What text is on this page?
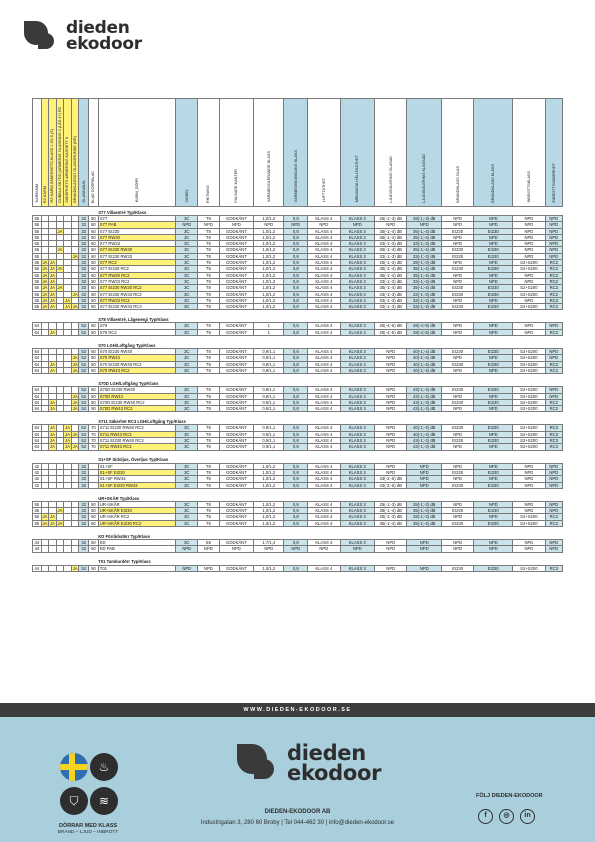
dieden
ekodoor
KARM MM	RZ KARM	RZ KARM SÄKERHETS-KLASS 1-SS 6 (S)	DUBBLA SKYDD (ARMERAT GLASNING 4 (LÅS 4+) RZ	SÄKERHETS ARMERING KASSETT 6	BRANDKLASSAT GLASGRUNNE (NR)	GLASKANAL	BLAD DORRBLAD	KARM_DÖRR	VINKEL	RIKTNING	FALSADE KANTER	VÄRMEISOLERANDE KLASS	VÄRMEGENOMGANG KLASS	LUFTTÄTHET	MEKANISK HÅLLFASTHET	LJUDISOLERING GLASAD	LJUDISOLERING KLASSAD	BRANDKLASS GLAS	BRANDKLASS KLASS	INBROTTSKLASS	INBROTTSSÄKERHET
								S77 Villaentré Typ/Klass													
55						32	50	S77	3C	T8	GODKÄNT	1,0/1,2	0,8	KLASS 4	KLASS 3	25(-1;-3) dB	28(-1;-3) dB	NPD	NPD	NPD	NPD
55						32	50	S77 PAB	NPD	NPD	NPD	NPD	NPD	NPD	NPD	NPD	NPD	NPD	NPD	NPD	NPD
55			JA			32	50	S77 EI230	3C	T8	GODKÄNT	1,0/1,2	0,8	KLASS 4	KLASS 3	35(-1;-4) dB	35(-1;-4) dB	EI230	EI230	NPD	NPD
55						32	50	S77 RW30	3C	T8	GODKÄNT	1,0/1,2	0,8	KLASS 4	KLASS 3	35(-1;-4) dB	35(-1;-4) dB	NPD	NPD	NPD	NPD
55						32	50	S77 RW33	3C	T8	GODKÄNT	1,0/1,2	0,8	KLASS 4	KLASS 3	33(-1;-3) dB	33(-1;-3) dB	NPD	NPD	NPD	NPD
55			JA			32	50	S77 EI230 RW30	3C	T8	GODKÄNT	1,0/1,2	0,8	KLASS 4	KLASS 3	35(-1;-4) dB	35(-1;-4) dB	EI230	EI230	NPD	NPD
55					JA	32	50	S77 EI230 RW33	3C	T8	GODKÄNT	1,0/1,2	0,8	KLASS 4	KLASS 3	33(-1;-3) dB	33(-1;-3) dB	EI230	EI230	NPD	NPD
55	JA	JA				32	50	S77 RC2	3C	T8	GODKÄNT	1,0/1,2	0,8	KLASS 4	KLASS 3	25(-1;-3) dB	28(-1;-3) dB	NPD	NPD	S2+S200	RC2
55	JA	JA	JA			32	50	S77 EI230 RC2	3C	T8	GODKÄNT	1,0/1,2	0,8	KLASS 4	KLASS 3	35(-1;-4) dB	35(-1;-4) dB	EI230	EI230	S2+S200	RC2
55	JA	JA				32	50	S77 RW30 RC2	3C	T8	GODKÄNT	1,0/1,2	0,8	KLASS 4	KLASS 3	35(-1;-4) dB	35(-1;-4) dB	NPD	NPD	NPD	RC2
55	JA	JA				32	50	S77 RW33 RC2	3C	T8	GODKÄNT	1,0/1,2	0,8	KLASS 4	KLASS 3	33(-1;-3) dB	33(-1;-3) dB	NPD	NPD	NPD	RC2
55	JA	JA	JA			32	50	S77 EI230 RW30 RC2	3C	T8	GODKÄNT	1,0/1,2	0,8	KLASS 4	KLASS 3	35(-1;-4) dB	35(-1;-4) dB	EI230	EI230	S2+S200	RC2
55	JA	JA			JA	32	50	S77 EI230 RW33 RC2	3C	T8	GODKÄNT	1,0/1,2	0,8	KLASS 4	KLASS 3	33(-1;-3) dB	33(-1;-3) dB	EI230	EI230	S2+S200	RC2
55	JA	JA		JA		32	50	S77 RW33 RC3	3C	T8	GODKÄNT	1,0/1,2	0,8	KLASS 4	KLASS 3	33(-1;-3) dB	33(-1;-3) dB	NPD	NPD	NPD	RC3
55	JA	JA		JA	JA	32	50	S77 EI230 RW33 RC3	3C	T8	GODKÄNT	1,0/1,2	0,8	KLASS 4	KLASS 3	33(-1;-3) dB	33(-1;-3) dB	EI230	EI230	S2+S200	RC3

								S78 Villaentré, Lågenergi Typ/Klass													
64						52	50	S78	3C	T8	GODKÄNT	1	0,8	KLASS 4	KLASS 3	25(-4;-5) dB	28(-4;-5) dB	NPD	NPD	NPD	NPD
64		JA				52	50	S78 RC2	3C	T8	GODKÄNT	1	0,8	KLASS 4	KLASS 3	25(-4;-5) dB	28(-4;-5) dB	NPD	NPD	NPD	RC2

								S70 LGH/Loftgång Typ/Klass													
64						52	50	S70 EI230 RW40	3C	T8	GODKÄNT	0,9/1,1	0,8	KLASS 4	KLASS 3	NPD	40(-1;-4) dB	EI230	EI230	S2+S200	NPD
64					JA	52	50	S70 RW43	3C	T8	GODKÄNT	0,9/1,1	0,8	KLASS 4	KLASS 3	NPD	40(-1;-4) dB	NPD	NPD	S2+S200	NPD
64		JA			JA	52	50	S70 EI230 RW40 RC2	3C	T8	GODKÄNT	0,9/1,1	0,8	KLASS 4	KLASS 3	NPD	40(-1;-4) dB	EI230	EI230	S2+S200	RC2
64		JA			JA	52	50	S70 RW43 RC2	3C	T8	GODKÄNT	0,9/1,1	0,8	KLASS 4	KLASS 3	NPD	40(-1;-4) dB	NPD	NPD	S2+S200	RC2

								S70D LGH/Loftgång Typ/Klass													
64						52	50	S70D EI230 RW40	3C	T8	GODKÄNT	0,9/1,1	0,8	KLASS 4	KLASS 3	NPD	43(-1;-3) dB	EI230	EI230	S2+S200	NPD
64					JA	52	50	S70D RW43	3C	T8	GODKÄNT	0,9/1,1	0,8	KLASS 4	KLASS 3	NPD	43(-1;-3) dB	NPD	NPD	S2+S200	NPD
64		JA			JA	52	50	S70D EI230 RW40 RC2	3C	T8	GODKÄNT	0,9/1,1	0,8	KLASS 4	KLASS 3	NPD	43(-1;-3) dB	EI230	EI230	S2+S200	RC2
64		JA			JA	52	50	S70D RW43 RC2	3C	T8	GODKÄNT	0,9/1,1	0,8	KLASS 4	KLASS 3	NPD	43(-1;-3) dB	NPD	NPD	S2+S200	RC2

								S711 Säkerhet RC3 LGH/Loftgång Typ/Klass													
64		JA		JA		52	70	S711 EI230 RW40 RC3	3C	T8	GODKÄNT	0,9/1,1	0,8	KLASS 4	KLASS 3	NPD	40(-1;-4) dB	EI230	EI230	S2+S200	RC3
64		JA		JA	JA	52	70	S711 RW43 RC3	3C	T8	GODKÄNT	0,9/1,1	0,8	KLASS 4	KLASS 3	NPD	40(-1;-4) dB	NPD	NPD	S2+S200	RC3
64		JA		JA		52	70	S711 EI230 RW40 RC3	3C	T8	GODKÄNT	0,9/1,1	0,8	KLASS 4	KLASS 3	NPD	43(-1;-3) dB	EI230	EI230	S2+S200	RC3
64		JA		JA	JA	52	70	S711 RW43 RC3	3C	T8	GODKÄNT	0,9/1,1	0,8	KLASS 4	KLASS 3	NPD	43(-1;-3) dB	NPD	NPD	S2+S200	RC3

								S1+SF Sidoljus, Överljus Typ/Klass													
42						32		S1+SF	3C	T8	GODKÄNT	1,0/1,2	0,8	KLASS 4	KLASS 3	NPD	NPD	NPD	NPD	NPD	NPD
42						32		S1+SF EI230	3C	T8	GODKÄNT	1,0/1,2	0,8	KLASS 4	KLASS 3	NPD	NPD	EI230	EI230	NPD	NPD
42						32		S1+SF RW43	3C	T8	GODKÄNT	1,0/1,2	0,8	KLASS 4	KLASS 3	43(-2;-5) dB	NPD	NPD	NPD	NPD	NPD
42						32		S1+SF EI230 RW43	3C	T8	GODKÄNT	1,0/1,2	0,8	KLASS 4	KLASS 3	43(-2;-5) dB	NPD	EI230	EI230	NPD	NPD

								UR+SKÅR Typ/Klass													
55						32	50	UR+SKÅR	3C	T8	GODKÄNT	1,0/1,2	0,8	KLASS 4	KLASS 3	25(-1;-3) dB	28(-1;-3) dB	NPD	NPD	NPD	NPD
55			JA			32	50	UR+SKÅR EI230	3C	T8	GODKÄNT	1,0/1,2	0,8	KLASS 4	KLASS 3	35(-1;-4) dB	35(-1;-4) dB	EI230	EI230	NPD	NPD
55	JA	JA				32	50	UR+SKÅR RC2	3C	T8	GODKÄNT	1,0/1,2	0,8	KLASS 4	KLASS 3	25(-1;-3) dB	28(-1;-3) dB	NPD	NPD	S2+S200	RC2
55	JA	JA	JA			32	50	UR+SKÅR EI230 RC2	3C	T8	GODKÄNT	1,0/1,2	0,8	KLASS 4	KLASS 3	35(-1;-4) dB	35(-1;-4) dB	EI230	EI230	S2+S200	RC2

								KD Förrådsdörr Typ/Klass													
44						32	50	KD	3C	S8	GODKÄNT	1,7/1,4	0,8	KLASS 4	KLASS 3	NPD	NPD	NPD	NPD	NPD	NPD
44						32	50	KD PAB	NPD	NPD	NPD	NPD	NPD	NPD	NPD	NPD	NPD	NPD	NPD	NPD	NPD

								T01 Tamburdörr Typ/Klass													
44					JA	52	50	T01	NPD	NPD	GODKÄNT	1,0/1,2	0,8	KLASS 4	KLASS 3	NPD	NPD	EI230	EI230	S2+S200	RC3

WWW.DIEDEN-EKODOOR.SE
♨
⛉	≋
DÖRRAR MED KLASS
BRAND – LJUD – INBROTT
dieden
ekodoor
DIEDEN-EKODOOR AB
Industrigatan 3, 280 60 Broby | Tel 044-462 30 | info@dieden-ekodoor.se
FÖLJ DIEDEN-EKODOOR
f	◎	in
